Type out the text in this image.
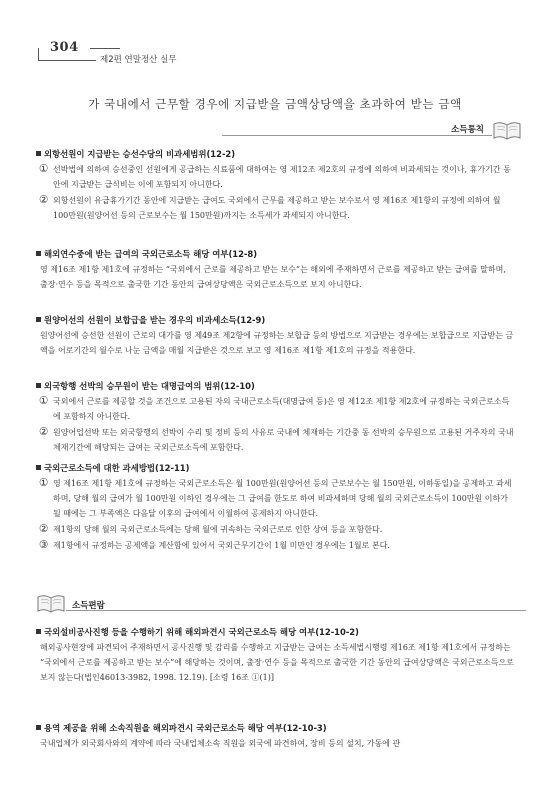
304
제2편 연말정산 실무
가 국내에서 근무할 경우에 지급받을 금액상당액을 초과하여 받는 금액
소득통칙
외항선원이 지급받는 승선수당의 비과세범위(12-2)
① 선박법에 의하여 승선중인 선원에게 공급하는 식료품에 대하여는 영 제12조 제2호의 규정에 의하여 비과세되는 것이나, 휴가기간 동안에 지급받는 급식비는 이에 포함되지 아니한다.
② 외항선원이 유급휴가기간 동안에 지급받는 급여도 국외에서 근무를 제공하고 받는 보수로서 영 제16조 제1항의 규정에 의하여 월 100만원(원양어선 등의 근로보수는 월 150만원)까지는 소득세가 과세되지 아니한다.
해외연수중에 받는 급여의 국외근로소득 해당 여부(12-8)
영 제16조 제1항 제1호에 규정하는 “국외에서 근로를 제공하고 받는 보수”는 해외에 주재하면서 근로를 제공하고 받는 급여를 말하며, 출장·연수 등을 목적으로 출국한 기간 동안의 급여상당액은 국외근로소득으로 보지 아니한다.
원양어선의 선원이 보합급을 받는 경우의 비과세소득(12-9)
원양어선에 승선한 선원이 근로의 대가를 영 제49조 제2항에 규정하는 보합급 등의 방법으로 지급받는 경우에는 보합급으로 지급받는 금액을 어로기간의 월수로 나눈 금액을 매월 지급받은 것으로 보고 영 제16조 제1항 제1호의 규정을 적용한다.
외국항행 선박의 승무원이 받는 대명급여의 범위(12-10)
① 국외에서 근로를 제공할 것을 조건으로 고용된 자의 국내근로소득(대명급여 등)은 영 제12조 제1항 제2호에 규정하는 국외근로소득에 포함하지 아니한다.
② 원양어업선박 또는 외국항행의 선박이 수리 및 정비 등의 사유로 국내에 체재하는 기간중 동 선박의 승무원으로 고용된 거주자의 국내체재기간에 해당되는 급여는 국외근로소득에 포함한다.
국외근로소득에 대한 과세방법(12-11)
① 영 제16조 제1항 제1호에 규정하는 국외근로소득은 월 100만원(원양어선 등의 근로보수는 월 150만원, 이하동일)을 공제하고 과세하며, 당해 월의 급여가 월 100만원 이하인 경우에는 그 급여를 한도로 하여 비과세하며 당해 월의 국외근로소득이 100만원 이하가 될 때에는 그 부족액은 다음달 이후의 급여에서 이월하여 공제하지 아니한다.
② 제1항의 당해 월의 국외근로소득에는 당해 월에 귀속하는 국외근로로 인한 상여 등을 포함한다.
③ 제1항에서 규정하는 공제액을 계산함에 있어서 국외근무기간이 1월 미만인 경우에는 1월로 본다.
소득편람
국외설비공사진행 등을 수행하기 위해 해외파견시 국외근로소득 해당 여부(12-10-2)
해외공사현장에 파견되어 주재하면서 공사진행 및 감리를 수행하고 지급받는 급여는 소득세법시행령 제16조 제1항 제1호에서 규정하는 “국외에서 근로를 제공하고 받는 보수”에 해당하는 것이며, 출장·연수 등을 목적으로 출국한 기간 동안의 급여상당액은 국외근로소득으로 보지 않는다(법인46013-3982, 1998. 12.19). [소령 16조 ①(1)]
용역 제공을 위해 소속직원을 해외파견시 국외근로소득 해당 여부(12-10-3)
국내업체가 외국회사와의 계약에 따라 국내업체소속 직원을 외국에 파견하여, 장비 등의 설치, 가동에 관
